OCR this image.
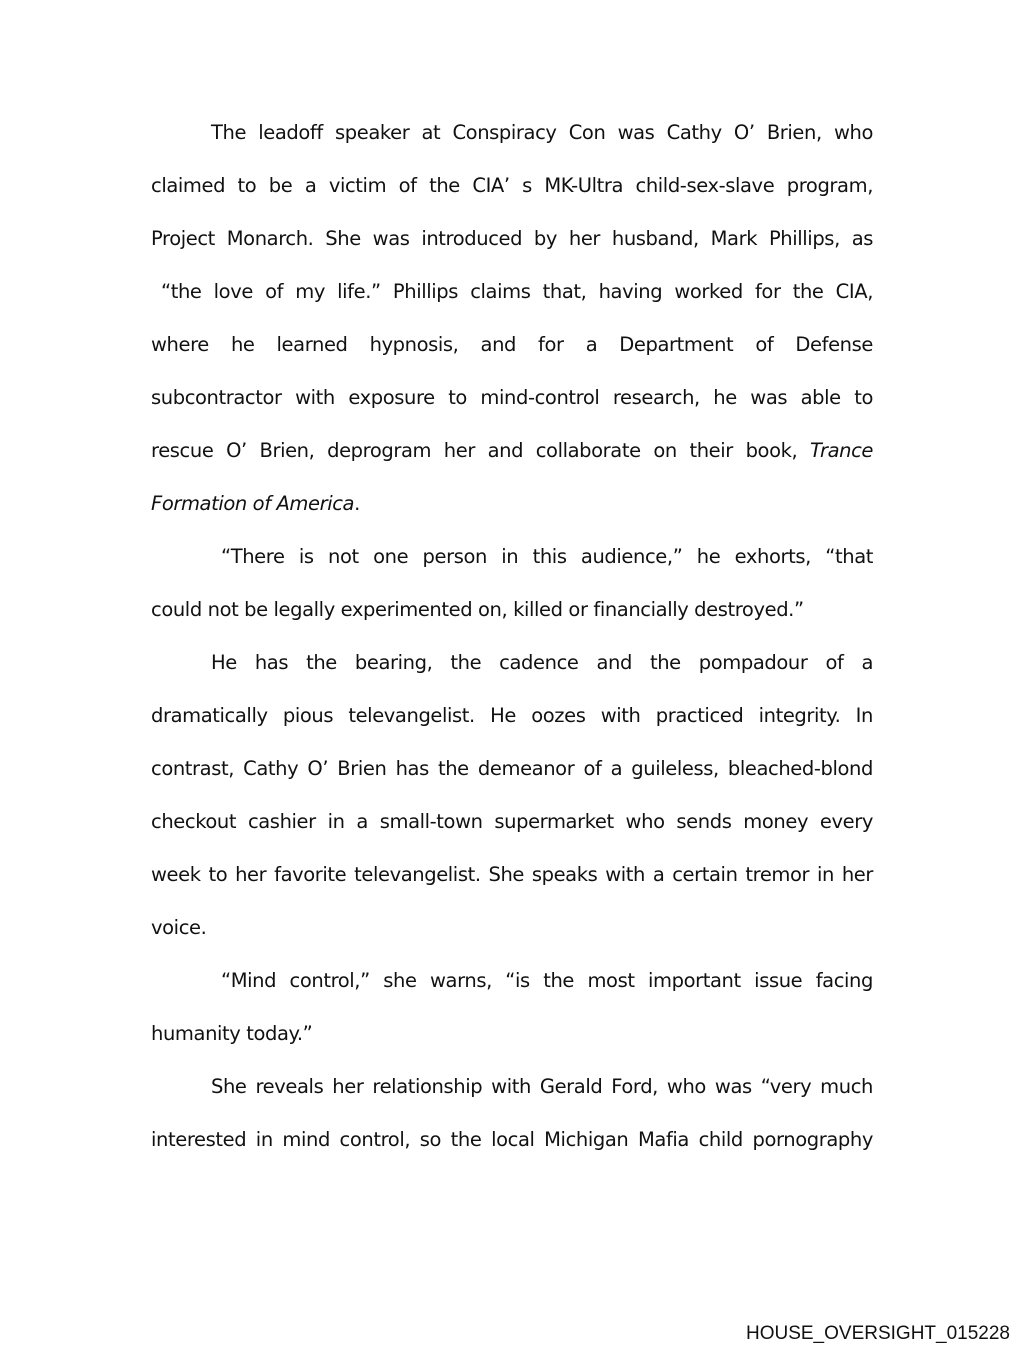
The leadoff speaker at Conspiracy Con was Cathy O’ Brien, who
claimed to be a victim of the CIA’ s MK-Ultra child-sex-slave program,
Project Monarch. She was introduced by her husband, Mark Phillips, as
“the love of my life.” Phillips claims that, having worked for the CIA,
where he learned hypnosis, and for a Department of Defense
subcontractor with exposure to mind-control research, he was able to
rescue O’ Brien, deprogram her and collaborate on their book, Trance
Formation of America.
“There is not one person in this audience,” he exhorts, “that
could not be legally experimented on, killed or financially destroyed.”
He has the bearing, the cadence and the pompadour of a
dramatically pious televangelist. He oozes with practiced integrity. In
contrast, Cathy O’ Brien has the demeanor of a guileless, bleached-blond
checkout cashier in a small-town supermarket who sends money every
week to her favorite televangelist. She speaks with a certain tremor in her
voice.
“Mind control,” she warns, “is the most important issue facing
humanity today.”
She reveals her relationship with Gerald Ford, who was “very much
interested in mind control, so the local Michigan Mafia child pornography
HOUSE_OVERSIGHT_015228
